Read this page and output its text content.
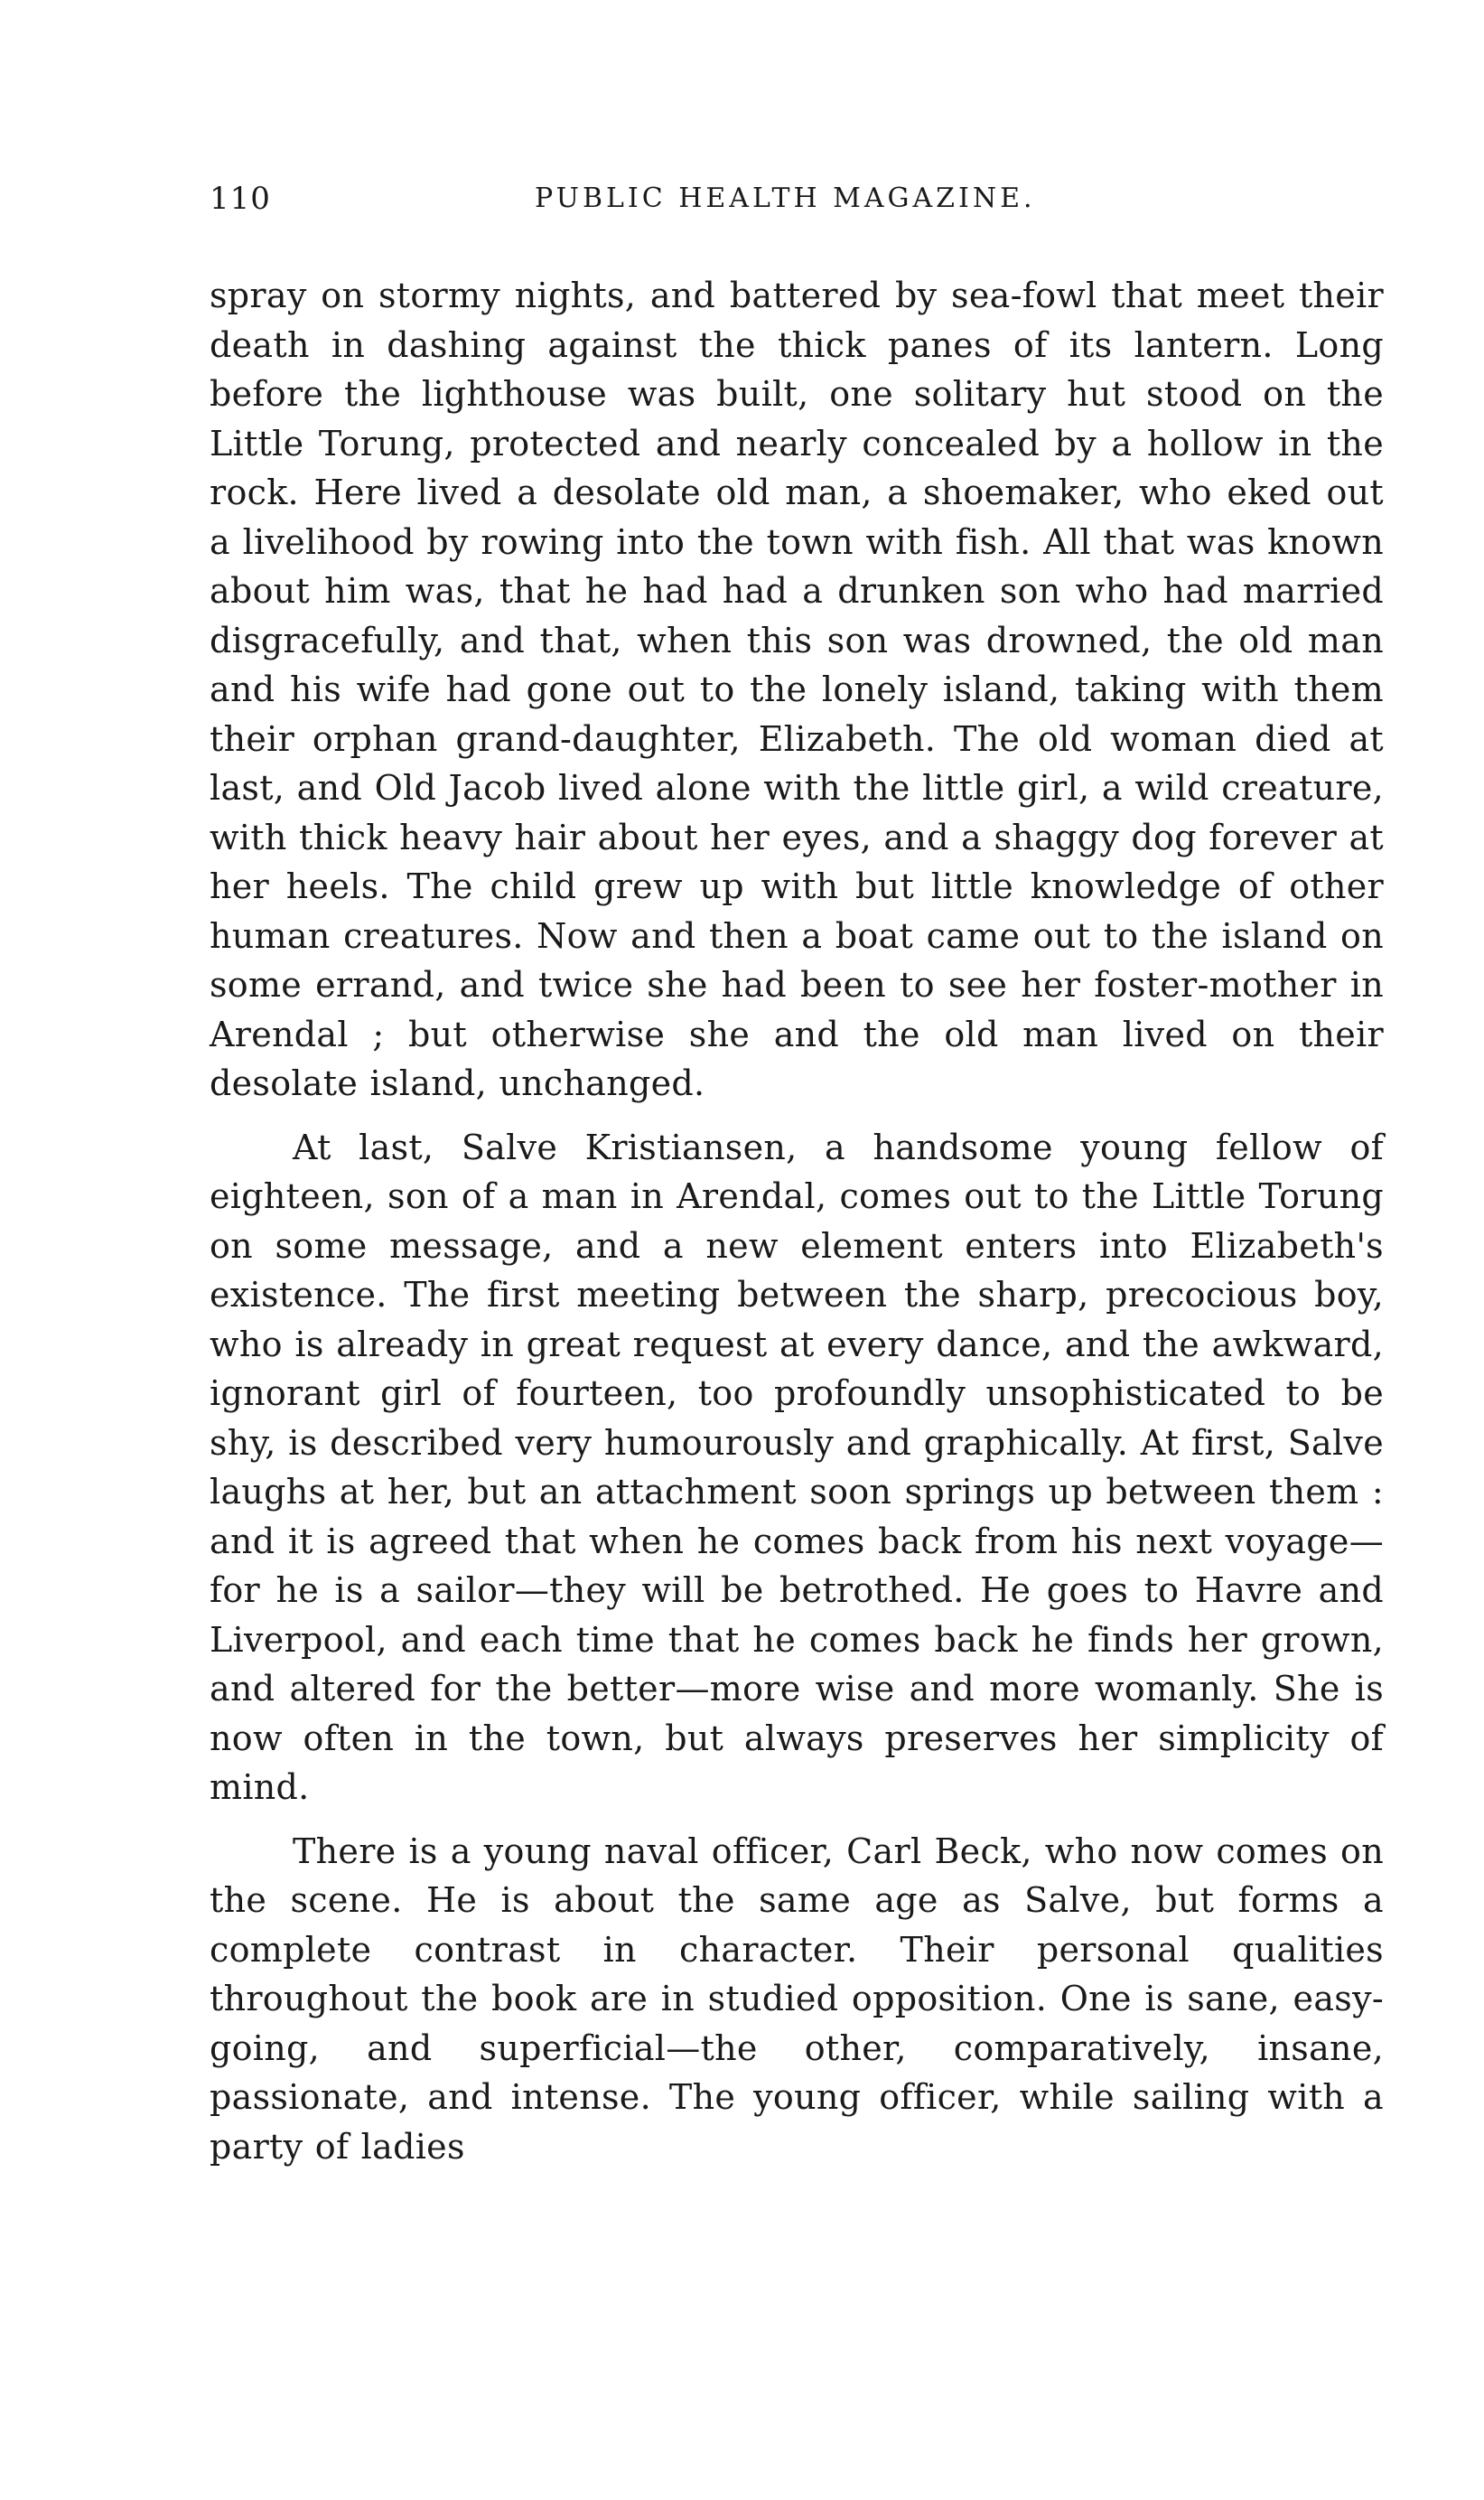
110	PUBLIC HEALTH MAGAZINE.

spray on stormy nights, and battered by sea-fowl that meet their death in dashing against the thick panes of its lantern. Long before the lighthouse was built, one solitary hut stood on the Little Torung, protected and nearly concealed by a hollow in the rock. Here lived a desolate old man, a shoemaker, who eked out a livelihood by rowing into the town with fish. All that was known about him was, that he had had a drunken son who had married disgracefully, and that, when this son was drowned, the old man and his wife had gone out to the lonely island, taking with them their orphan grand-daughter, Elizabeth. The old woman died at last, and Old Jacob lived alone with the little girl, a wild creature, with thick heavy hair about her eyes, and a shaggy dog forever at her heels. The child grew up with but little knowledge of other human creatures. Now and then a boat came out to the island on some errand, and twice she had been to see her foster-mother in Arendal ; but otherwise she and the old man lived on their desolate island, unchanged.

At last, Salve Kristiansen, a handsome young fellow of eighteen, son of a man in Arendal, comes out to the Little Torung on some message, and a new element enters into Elizabeth's existence. The first meeting between the sharp, precocious boy, who is already in great request at every dance, and the awkward, ignorant girl of fourteen, too profoundly unsophisticated to be shy, is described very humourously and graphically. At first, Salve laughs at her, but an attachment soon springs up between them : and it is agreed that when he comes back from his next voyage—for he is a sailor—they will be betrothed. He goes to Havre and Liverpool, and each time that he comes back he finds her grown, and altered for the better—more wise and more womanly. She is now often in the town, but always preserves her simplicity of mind.

There is a young naval officer, Carl Beck, who now comes on the scene. He is about the same age as Salve, but forms a complete contrast in character. Their personal qualities throughout the book are in studied opposition. One is sane, easy-going, and superficial—the other, comparatively, insane, passionate, and intense. The young officer, while sailing with a party of ladies
